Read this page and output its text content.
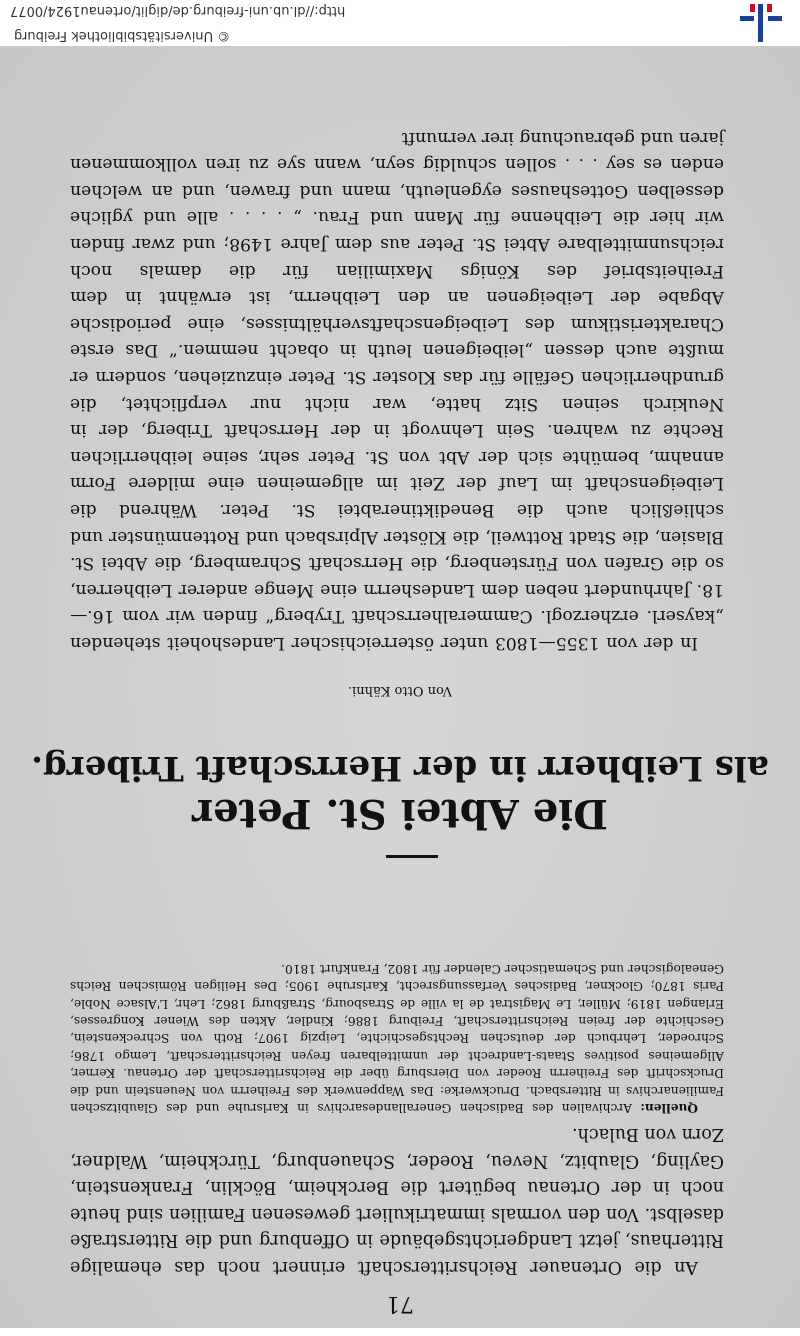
© Universitätsbibliothek Freiburg
http://dl.ub.uni-freiburg.de/diglit/ortenau1924/0077
71
An die Ortenauer Reichsritterschaft erinnert noch das ehemalige Ritterhaus, jetzt Landgerichtsgebäude in Offenburg und die Ritterstraße daselbst. Von den vormals immatrikuliert gewesenen Familien sind heute noch in der Ortenau begütert die Berckheim, Böcklin, Frankenstein, Gayling, Glaubitz, Neveu, Roeder, Schauenburg, Türckheim, Waldner, Zorn von Bulach.
Quellen: Archivalien des Badischen Generallandesarchivs in Karlsruhe und des Glaubitzschen Familienarchivs in Rittersbach. Druckwerke: Das Wappenwerk des Freiherrn von Neuenstein und die Druckschrift des Freiherrn Roeder von Diersburg über die Reichsritterschaft der Ortenau. Kerner, Allgemeines positives Staats-Landrecht der unmittelbaren freyen Reichsritterschaft, Lemgo 1786; Schroeder, Lehrbuch der deutschen Rechtsgeschichte, Leipzig 1907; Roth von Schreckenstein, Geschichte der freien Reichsritterschaft, Freiburg 1886; Kindler, Akten des Wiener Kongresses, Erlangen 1819; Müller, Le Magistrat de la ville de Strasbourg, Straßburg 1862; Lehr, L'Alsace Noble, Paris 1870; Glockner, Badisches Verfassungsrecht, Karlsruhe 1905; Des Heiligen Römischen Reichs Genealogischer und Schematischer Calender für 1802, Frankfurt 1810.
Die Abtei St. Peter
als Leibherr in der Herrschaft Triberg.
Von Otto Kähni.
In der von 1355—1803 unter österreichischer Landeshoheit stehenden „kayserl. erzherzogl. Cammeralherrschaft Tryberg“ finden wir vom 16.—18. Jahrhundert neben dem Landesherrn eine Menge anderer Leibherren, so die Grafen von Fürstenberg, die Herrschaft Schramberg, die Abtei St. Blasien, die Stadt Rottweil, die Klöster Alpirsbach und Rottenmünster und schließlich auch die Benediktinerabtei St. Peter. Während die Leibeigenschaft im Lauf der Zeit im allgemeinen eine mildere Form annahm, bemühte sich der Abt von St. Peter sehr, seine leibherrlichen Rechte zu wahren. Sein Lehnvogt in der Herrschaft Triberg, der in Neukirch seinen Sitz hatte, war nicht nur verpflichtet, die grundherrlichen Gefälle für das Kloster St. Peter einzuziehen, sondern er mußte auch dessen „leibeigenen leuth in obacht nemmen.“ Das erste Charakteristikum des Leibeigenschaftsverhältnisses, eine periodische Abgabe der Leibeigenen an den Leibherrn, ist erwähnt in dem Freiheitsbrief des Königs Maximilian für die damals noch reichsunmittelbare Abtei St. Peter aus dem Jahre 1498; und zwar finden wir hier die Leibhenne für Mann und Frau. „ . . . . alle und ygliche desselben Gotteshauses eygenleuth, mann und frawen, und an welchen enden es sey . . . sollen schuldig seyn, wann sye zu iren vollkommenen jaren und gebrauchung irer vernunft
